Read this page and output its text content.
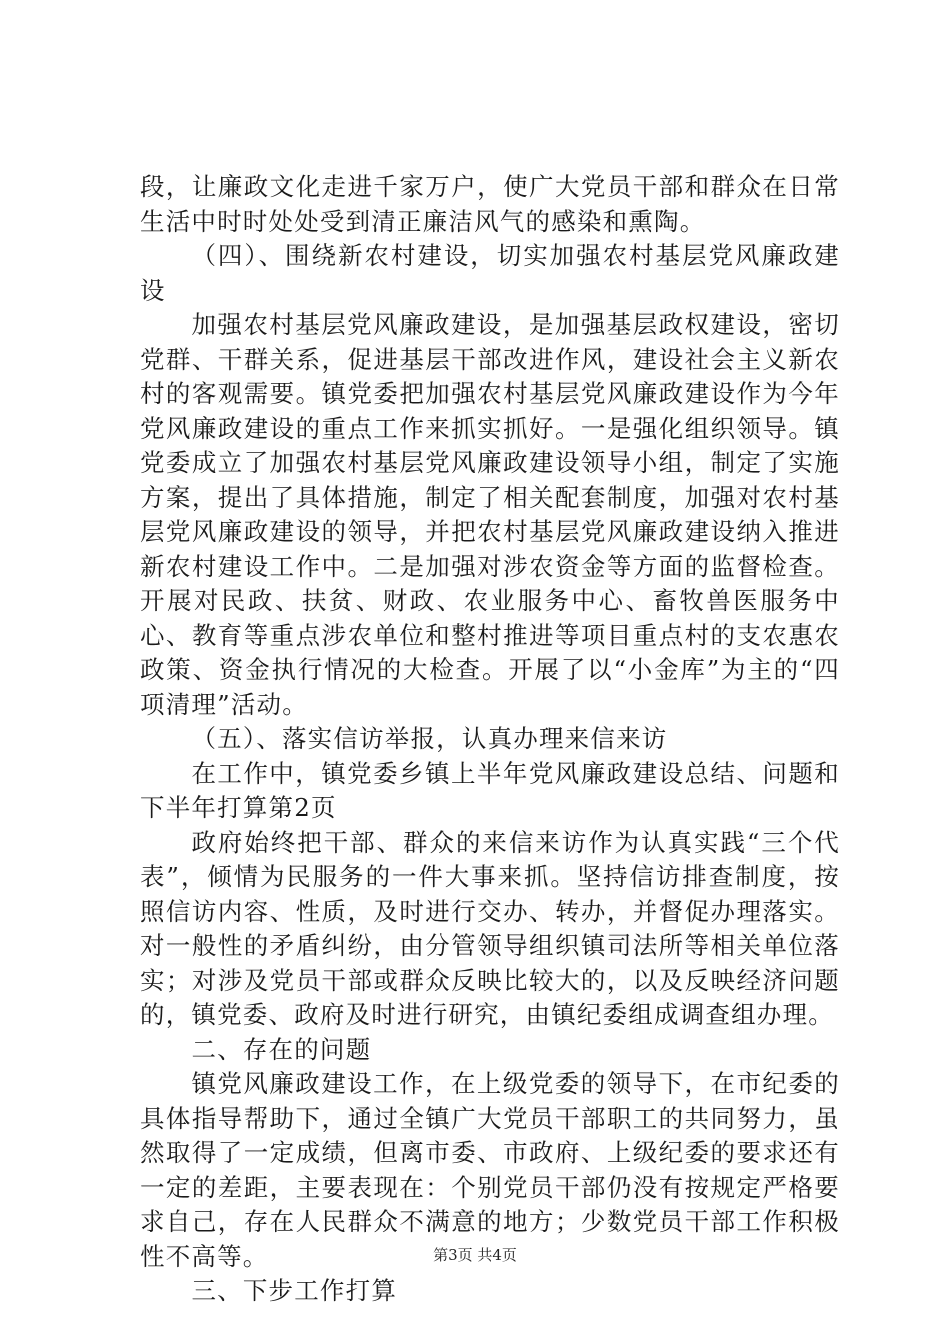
段，让廉政文化走进千家万户，使广大党员干部和群众在日常生活中时时处处受到清正廉洁风气的感染和熏陶。

（四）、围绕新农村建设，切实加强农村基层党风廉政建设

加强农村基层党风廉政建设，是加强基层政权建设，密切党群、干群关系，促进基层干部改进作风，建设社会主义新农村的客观需要。镇党委把加强农村基层党风廉政建设作为今年党风廉政建设的重点工作来抓实抓好。一是强化组织领导。镇党委成立了加强农村基层党风廉政建设领导小组，制定了实施方案，提出了具体措施，制定了相关配套制度，加强对农村基层党风廉政建设的领导，并把农村基层党风廉政建设纳入推进新农村建设工作中。二是加强对涉农资金等方面的监督检查。开展对民政、扶贫、财政、农业服务中心、畜牧兽医服务中心、教育等重点涉农单位和整村推进等项目重点村的支农惠农政策、资金执行情况的大检查。开展了以“小金库”为主的“四项清理”活动。

（五）、落实信访举报，认真办理来信来访

在工作中，镇党委乡镇上半年党风廉政建设总结、问题和下半年打算第2页

政府始终把干部、群众的来信来访作为认真实践“三个代表”，倾情为民服务的一件大事来抓。坚持信访排查制度，按照信访内容、性质，及时进行交办、转办，并督促办理落实。对一般性的矛盾纠纷，由分管领导组织镇司法所等相关单位落实；对涉及党员干部或群众反映比较大的，以及反映经济问题的，镇党委、政府及时进行研究，由镇纪委组成调查组办理。

二、存在的问题

镇党风廉政建设工作，在上级党委的领导下，在市纪委的具体指导帮助下，通过全镇广大党员干部职工的共同努力，虽然取得了一定成绩，但离市委、市政府、上级纪委的要求还有一定的差距，主要表现在：个别党员干部仍没有按规定严格要求自己，存在人民群众不满意的地方；少数党员干部工作积极性不高等。

三、下步工作打算

第3页 共4页
